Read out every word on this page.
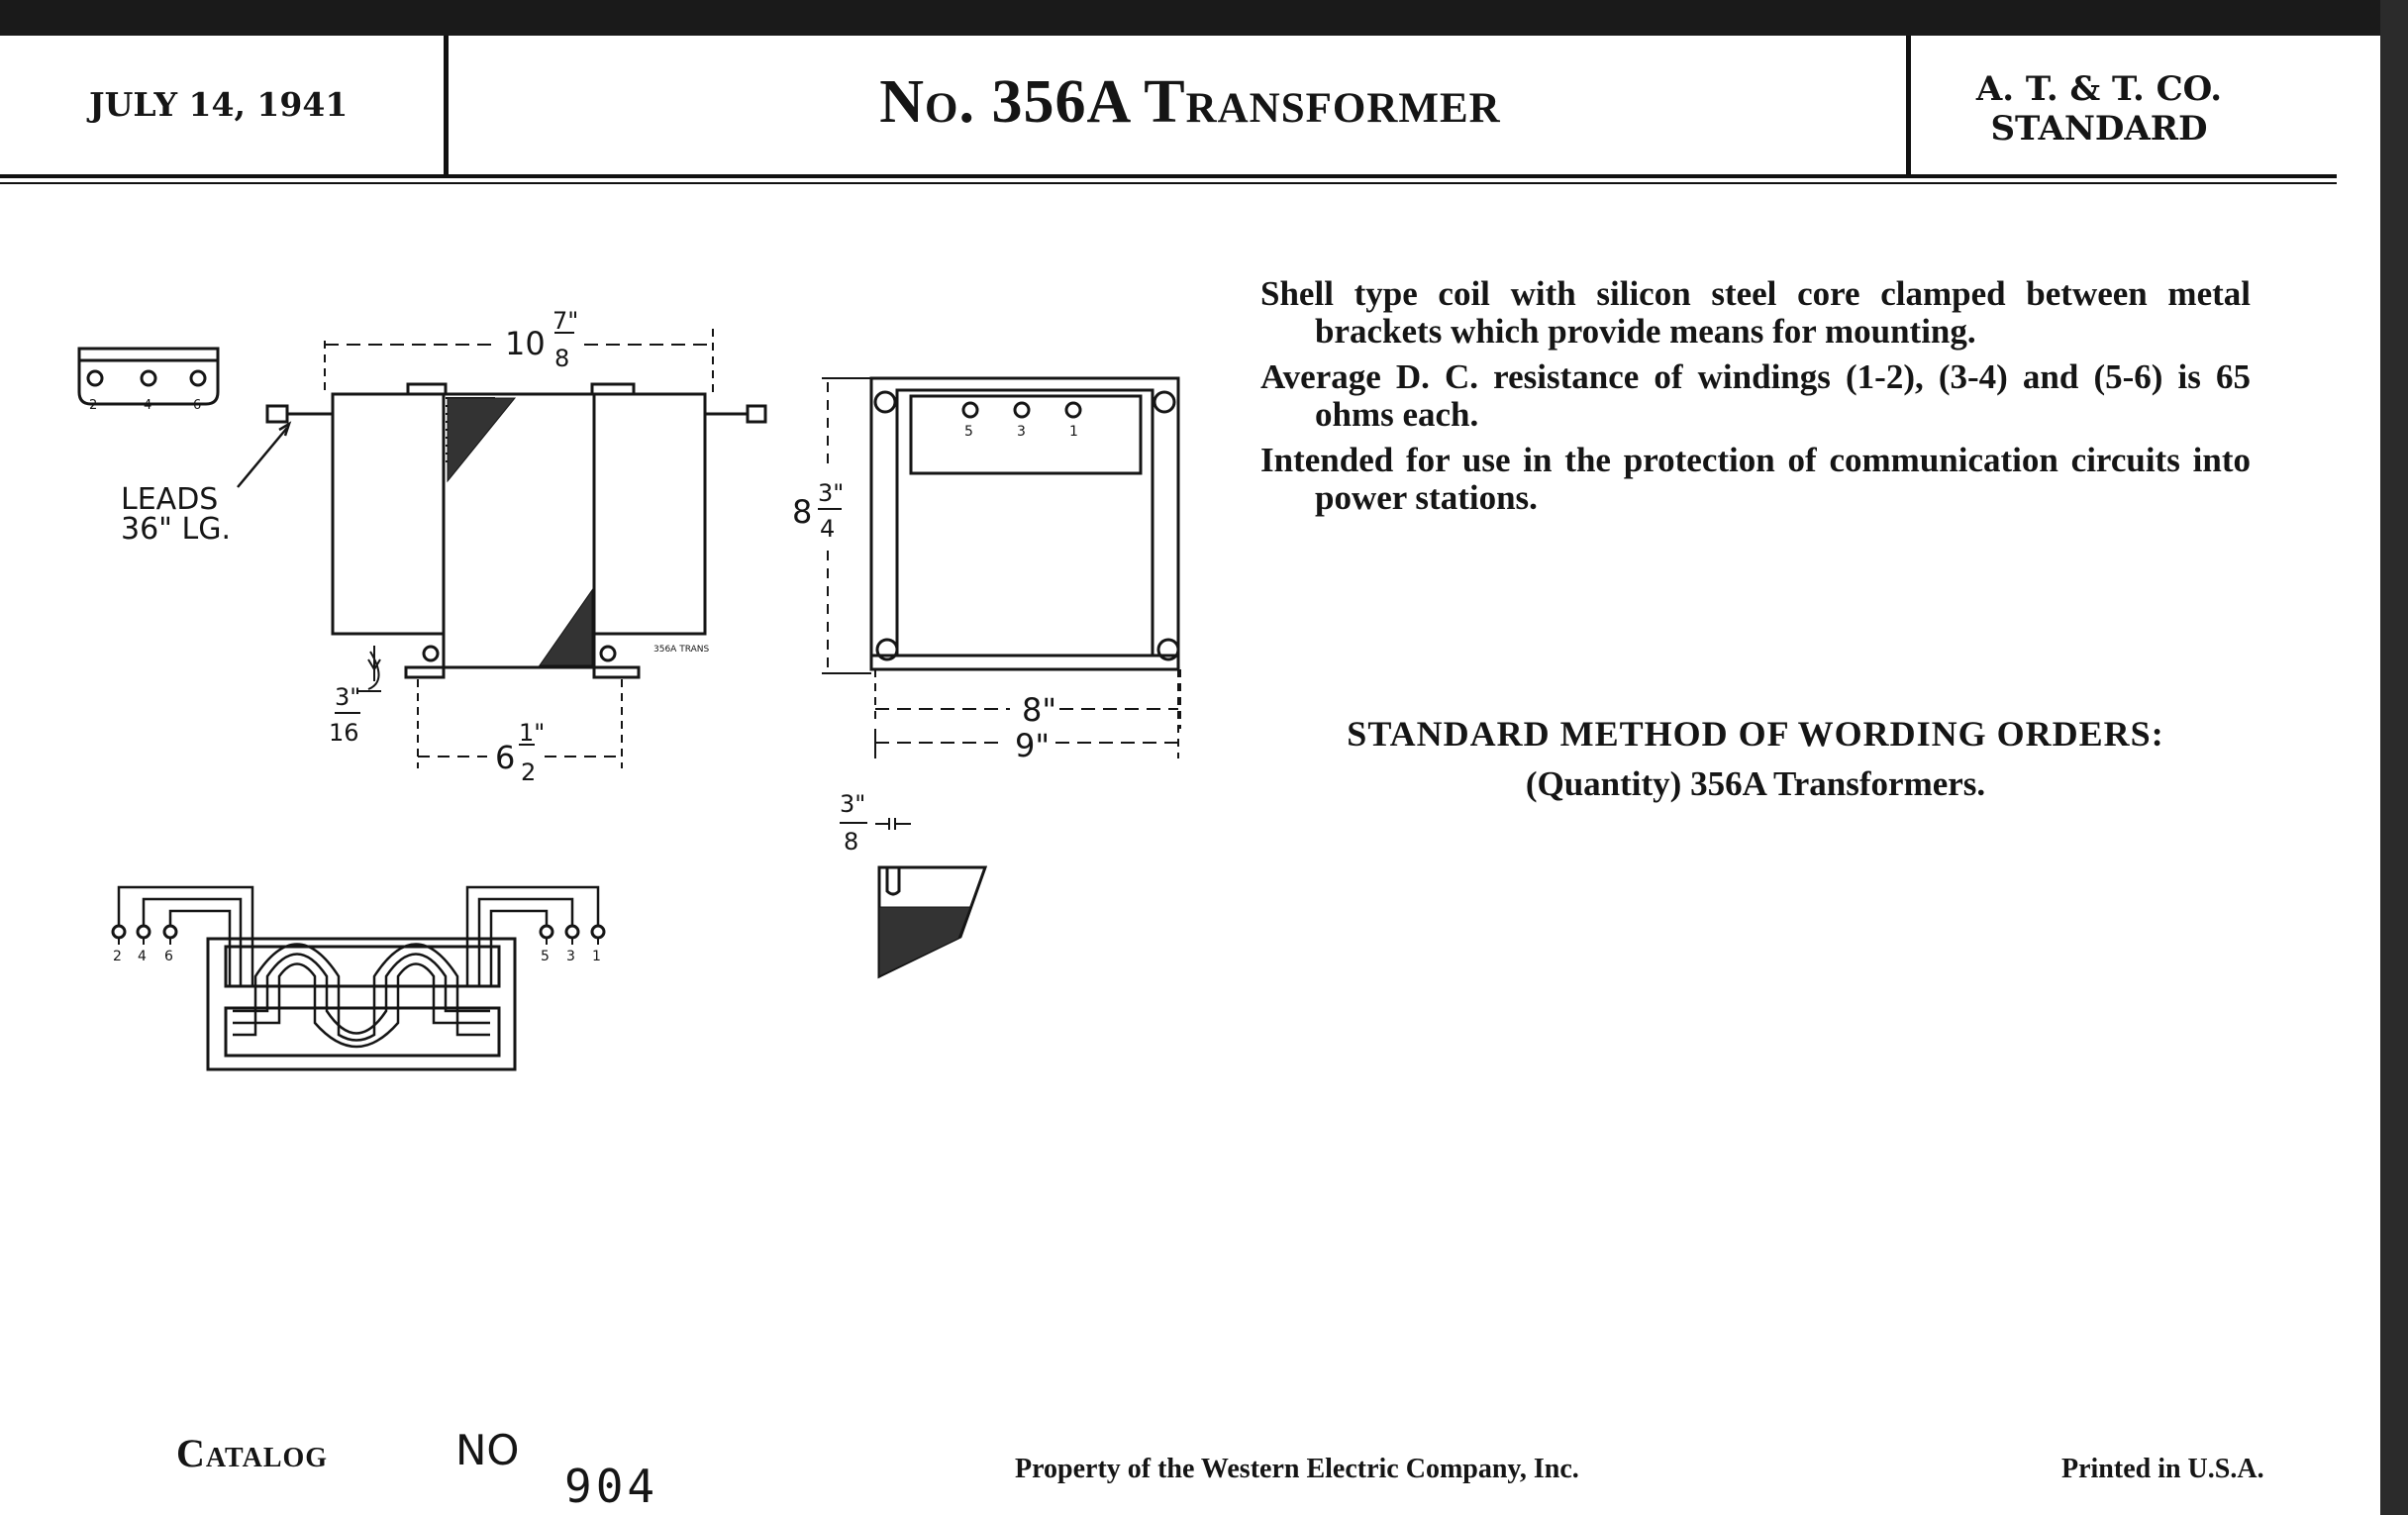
JULY 14, 1941	No. 356A Transformer	A. T. & T. CO.
STANDARD

Shell type coil with silicon steel core clamped between metal brackets which provide means for mounting.

Average D. C. resistance of windings (1-2), (3-4) and (5-6) is 65 ohms each.

Intended for use in the protection of communication circuits into power stations.

STANDARD METHOD OF WORDING ORDERS:
(Quantity) 356A Transformers.
2	4	6
LEADS
36" LG.
356A TRANS
10
7"
8
3"
16
6
1"
2
5	3	1
8 3"
4
8"
9"
3"
8
2 4 6	5 3 1
Catalog	NO
904	Property of the Western Electric Company, Inc.	Printed in U.S.A.
